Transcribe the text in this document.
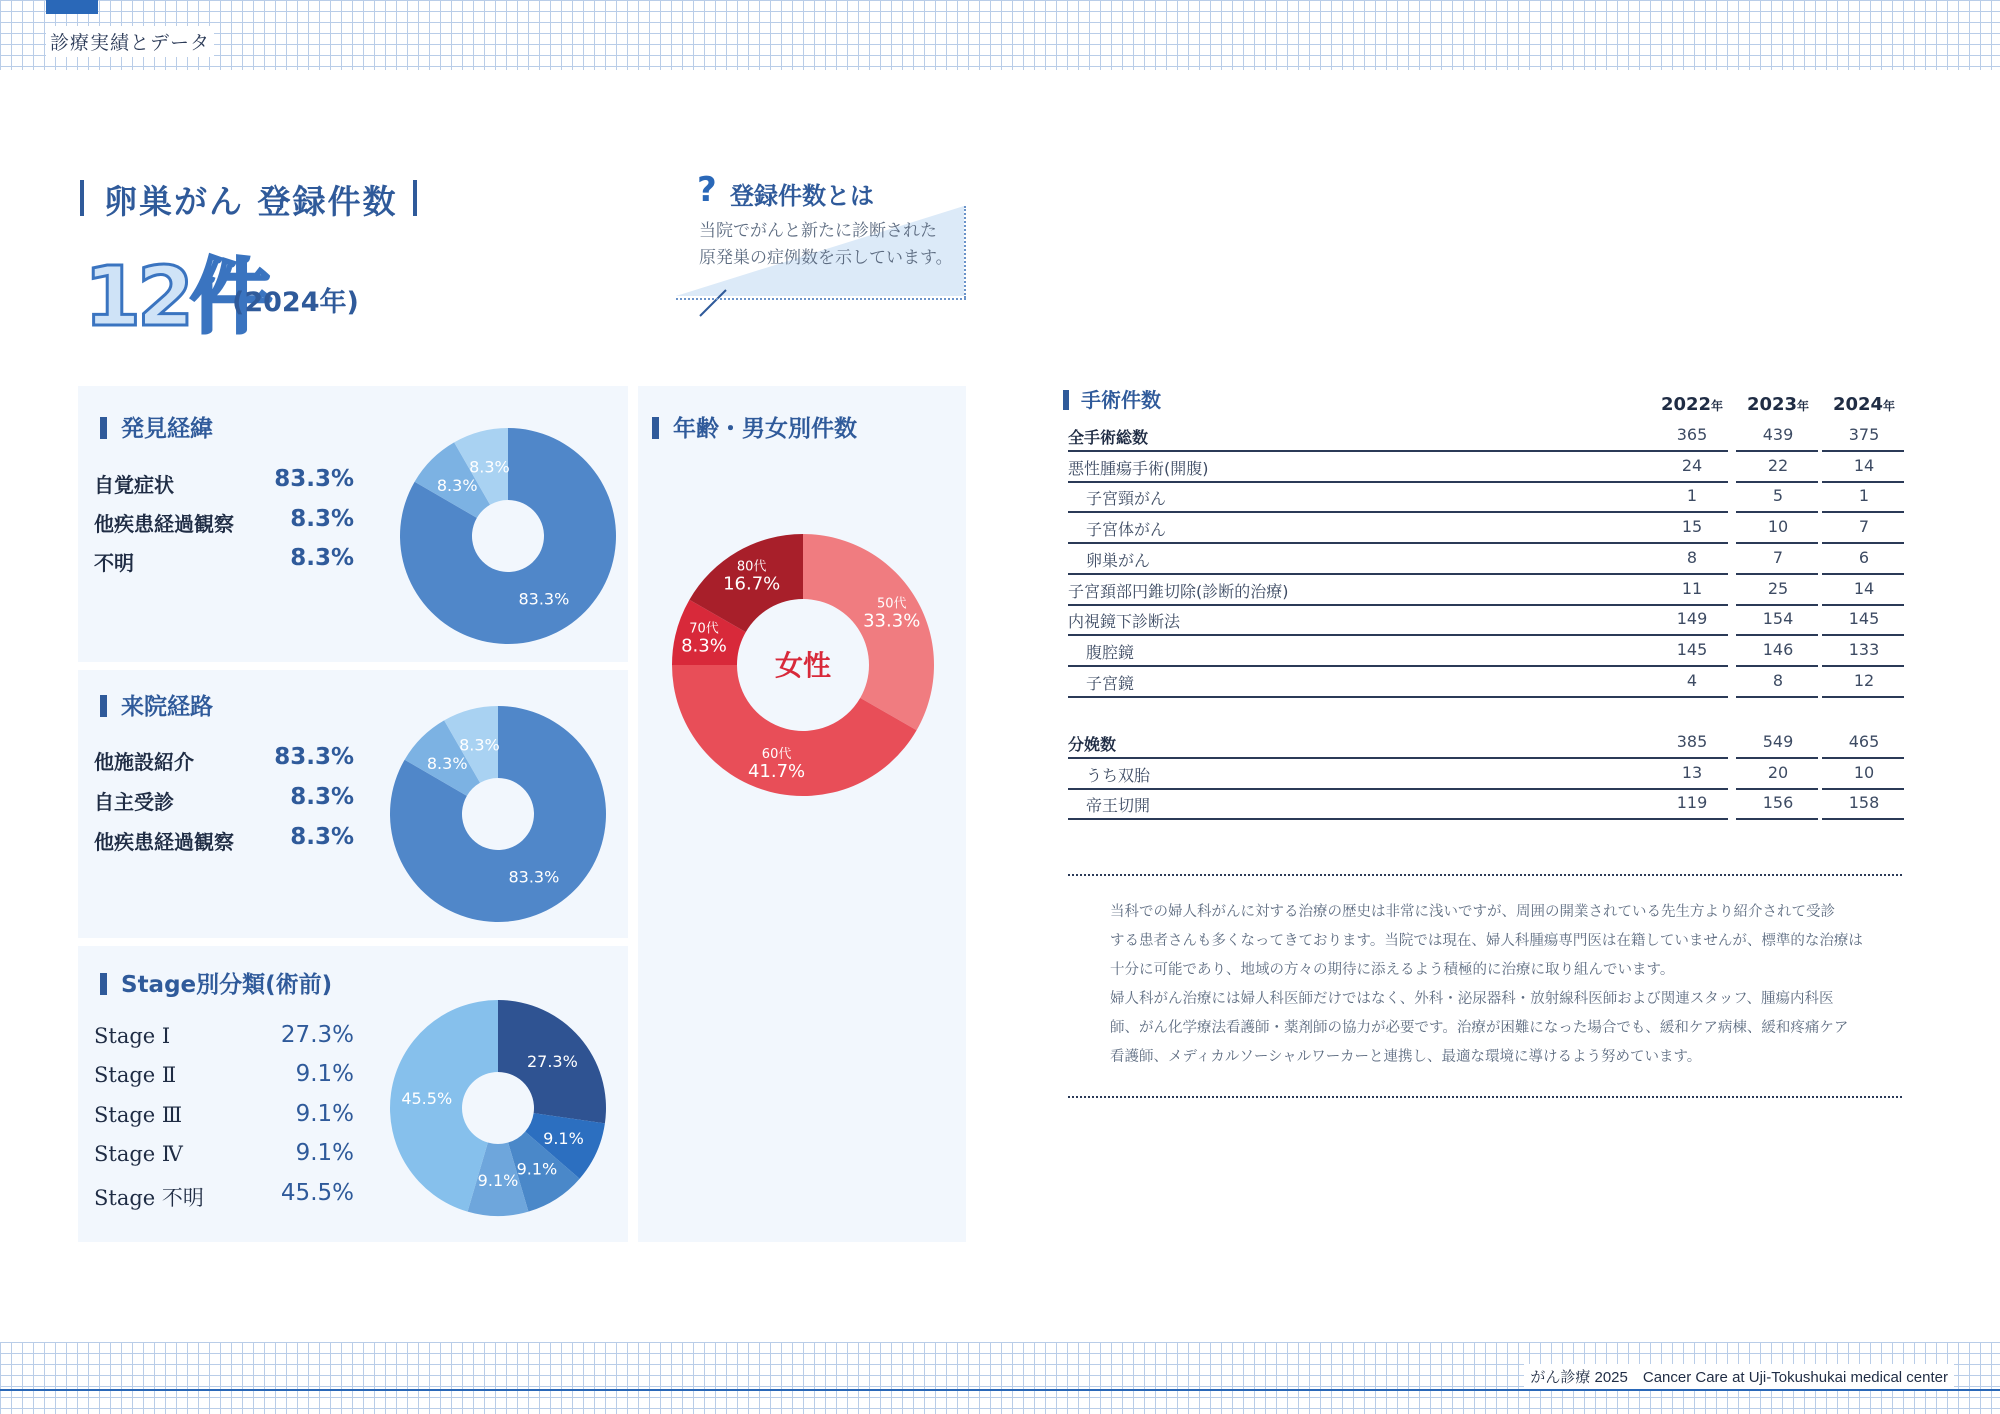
診療実績とデータ
がん診療 2025　Cancer Care at Uji-Tokushukai medical center
卵巣がん 登録件数
12件
(2024年)
? 登録件数とは
当院でがんと新たに診断された
原発巣の症例数を示しています。
発見経緯
自覚症状	83.3%
他疾患経過観察	8.3%
不明	8.3%
83.3%
8.3%
8.3%
来院経路
他施設紹介	83.3%
自主受診	8.3%
他疾患経過観察	8.3%
83.3%
8.3%
8.3%
Stage別分類(術前)
Stage Ⅰ	27.3%
Stage Ⅱ	9.1%
Stage Ⅲ	9.1%
Stage Ⅳ	9.1%
Stage 不明	45.5%
27.3%
9.1%
9.1%
9.1%
45.5%
年齢・男女別件数
50代
33.3%
60代
41.7%
70代
8.3%
80代
16.7%
女性
手術件数	2022年	2023年	2024年
全手術総数	365	439	375
悪性腫瘍手術(開腹)	24	22	14
子宮頸がん	1	5	1
子宮体がん	15	10	7
卵巣がん	8	7	6
子宮頚部円錐切除(診断的治療)	11	25	14
内視鏡下診断法	149	154	145
腹腔鏡	145	146	133
子宮鏡	4	8	12
分娩数	385	549	465
うち双胎	13	20	10
帝王切開	119	156	158
当科での婦人科がんに対する治療の歴史は非常に浅いですが、周囲の開業されている先生方より紹介されて受診
する患者さんも多くなってきております。当院では現在、婦人科腫瘍専門医は在籍していませんが、標準的な治療は
十分に可能であり、地域の方々の期待に添えるよう積極的に治療に取り組んでいます。
婦人科がん治療には婦人科医師だけではなく、外科・泌尿器科・放射線科医師および関連スタッフ、腫瘍内科医
師、がん化学療法看護師・薬剤師の協力が必要です。治療が困難になった場合でも、緩和ケア病棟、緩和疼痛ケア
看護師、メディカルソーシャルワーカーと連携し、最適な環境に導けるよう努めています。
